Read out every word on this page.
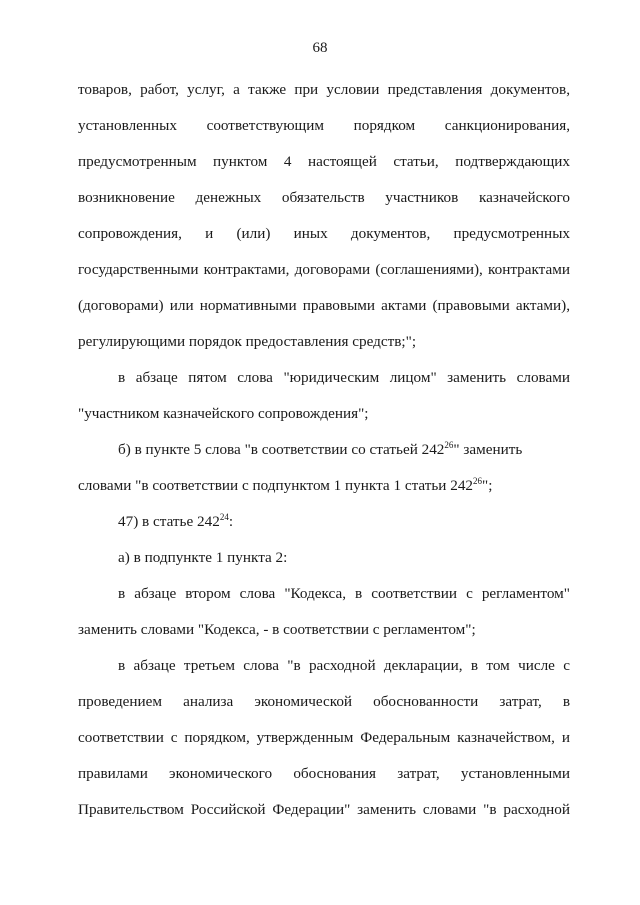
68
товаров, работ, услуг, а также при условии представления документов,
установленных соответствующим порядком санкционирования,
предусмотренным пунктом 4 настоящей статьи, подтверждающих
возникновение денежных обязательств участников казначейского
сопровождения, и (или) иных документов, предусмотренных
государственными контрактами, договорами (соглашениями), контрактами
(договорами) или нормативными правовыми актами (правовыми актами),
регулирующими порядок предоставления средств;";
в абзаце пятом слова "юридическим лицом" заменить словами
"участником казначейского сопровождения";
б) в пункте 5 слова "в соответствии со статьей $242^{26}$" заменить
словами "в соответствии с подпунктом 1 пункта 1 статьи $242^{26}$";
47) в статье $242^{24}$:
а) в подпункте 1 пункта 2:
в абзаце втором слова "Кодекса, в соответствии с регламентом"
заменить словами "Кодекса, - в соответствии с регламентом";
в абзаце третьем слова "в расходной декларации, в том числе с
проведением анализа экономической обоснованности затрат, в
соответствии с порядком, утвержденным Федеральным казначейством, и
правилами экономического обоснования затрат, установленными
Правительством Российской Федерации" заменить словами "в расходной
